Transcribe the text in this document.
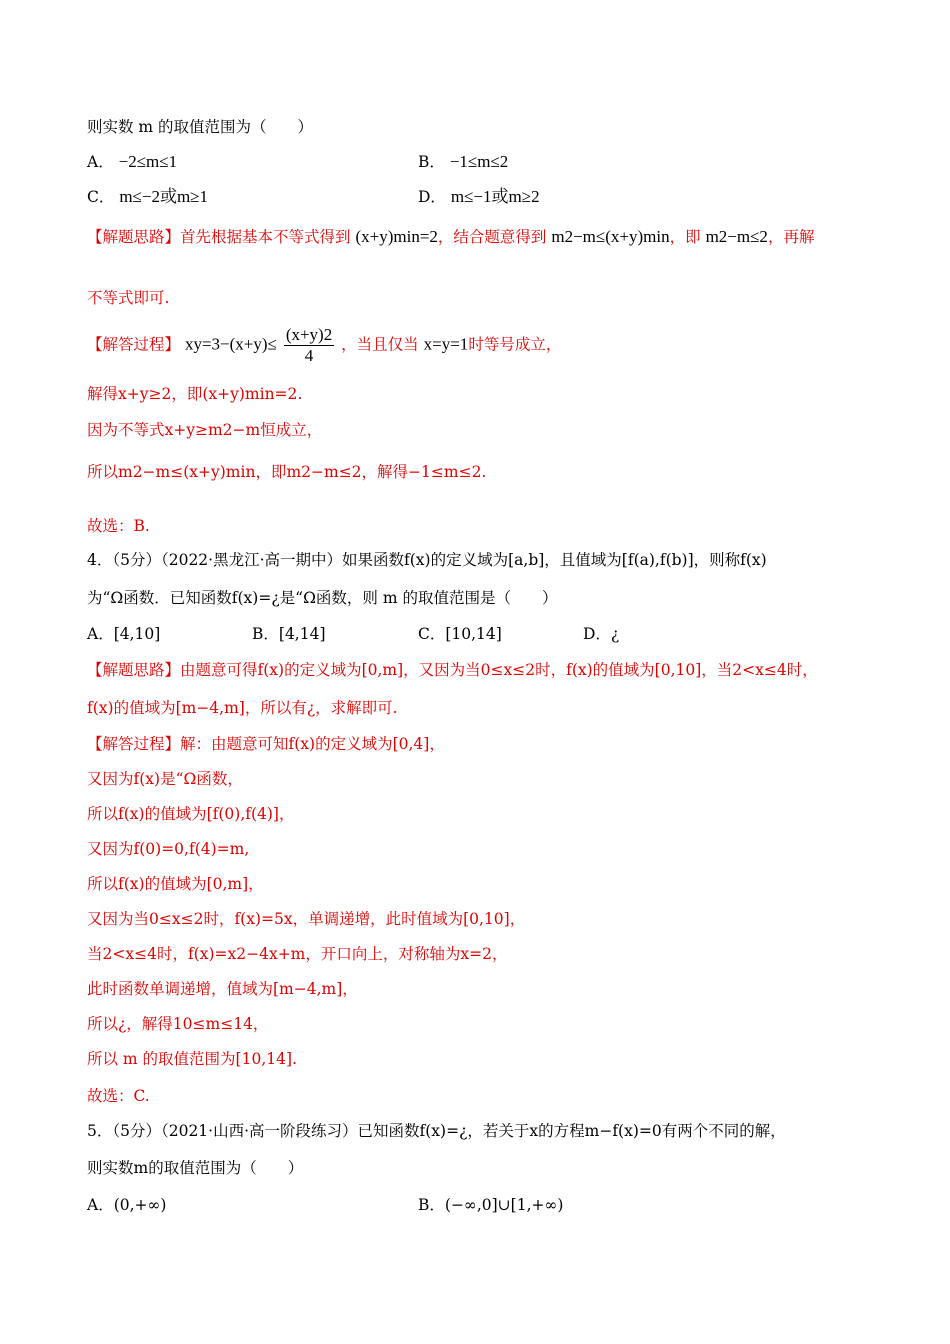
则实数 m 的取值范围为（　　）
A． −2≤m≤1	B． −1≤m≤2
C． m≤−2或m≥1	D． m≤−1或m≥2
【解题思路】首先根据基本不等式得到 (x+y)min=2，结合题意得到 m2−m≤(x+y)min，即 m2−m≤2，再解
不等式即可.
【解答过程】 $xy=3-(x+y)\le \frac{(x+y)2}{4}$ ，当且仅当 x=y=1时等号成立，
解得x+y≥2，即(x+y)min=2.
因为不等式x+y≥m2−m恒成立，
所以m2−m≤(x+y)min，即m2−m≤2，解得−1≤m≤2.
故选：B.
4．（5分）（2022·黑龙江·高一期中）如果函数f(x)的定义域为[a,b]，且值域为[f(a),f(b)]，则称f(x)
为“Ω函数．已知函数f(x)=¿是“Ω函数，则 m 的取值范围是（　　）
A．[4,10]	B．[4,14]	C．[10,14]	D．¿
【解题思路】由题意可得f(x)的定义域为[0,m]，又因为当0≤x≤2时，f(x)的值域为[0,10]，当2<x≤4时，
f(x)的值域为[m−4,m]，所以有¿，求解即可.
【解答过程】解：由题意可知f(x)的定义域为[0,4]，
又因为f(x)是“Ω函数，
所以f(x)的值域为[f(0),f(4)]，
又因为f(0)=0,f(4)=m,
所以f(x)的值域为[0,m]，
又因为当0≤x≤2时，f(x)=5x，单调递增，此时值域为[0,10]，
当2<x≤4时，f(x)=x2−4x+m，开口向上，对称轴为x=2，
此时函数单调递增，值域为[m−4,m]，
所以¿，解得10≤m≤14，
所以 m 的取值范围为[10,14].
故选：C.
5．（5分）（2021·山西·高一阶段练习）已知函数f(x)=¿，若关于x的方程m−f(x)=0有两个不同的解，
则实数m的取值范围为（　　）
A．(0,+∞)	B．(−∞,0]∪[1,+∞)
